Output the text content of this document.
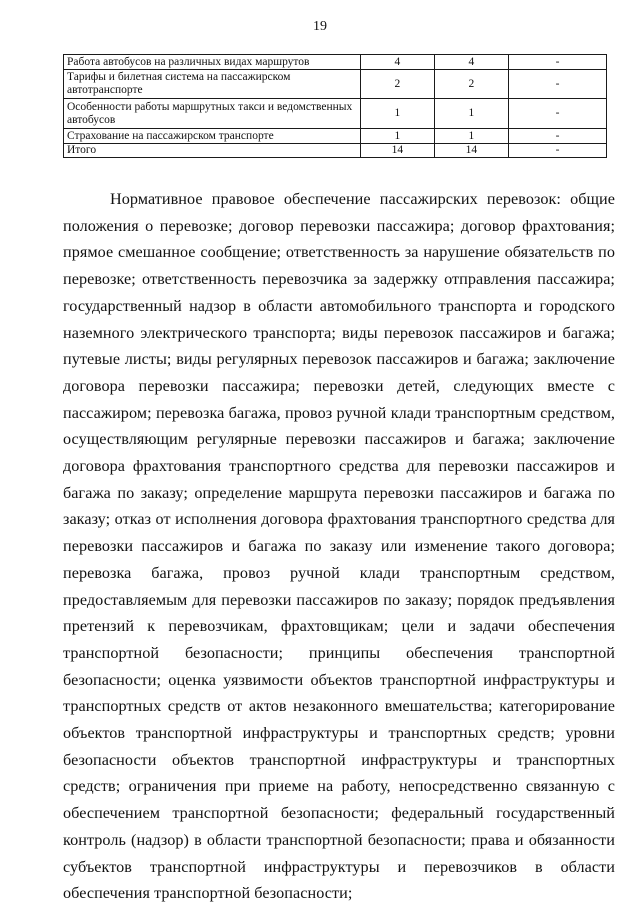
19
Работа автобусов на различных видах маршрутов	4	4	-
Тарифы и билетная система на пассажирском автотранспорте	2	2	-
Особенности работы маршрутных такси и ведомственных автобусов	1	1	-
Страхование на пассажирском транспорте	1	1	-
Итого	14	14	-

Нормативное правовое обеспечение пассажирских перевозок: общие положения о перевозке; договор перевозки пассажира; договор фрахтования; прямое смешанное сообщение; ответственность за нарушение обязательств по перевозке; ответственность перевозчика за задержку отправления пассажира; государственный надзор в области автомобильного транспорта и городского наземного электрического транспорта; виды перевозок пассажиров и багажа; путевые листы; виды регулярных перевозок пассажиров и багажа; заключение договора перевозки пассажира; перевозки детей, следующих вместе с пассажиром; перевозка багажа, провоз ручной клади транспортным средством, осуществляющим регулярные перевозки пассажиров и багажа; заключение договора фрахтования транспортного средства для перевозки пассажиров и багажа по заказу; определение маршрута перевозки пассажиров и багажа по заказу; отказ от исполнения договора фрахтования транспортного средства для перевозки пассажиров и багажа по заказу или изменение такого договора; перевозка багажа, провоз ручной клади транспортным средством, предоставляемым для перевозки пассажиров по заказу; порядок предъявления претензий к перевозчикам, фрахтовщикам; цели и задачи обеспечения транспортной безопасности; принципы обеспечения транспортной безопасности; оценка уязвимости объектов транспортной инфраструктуры и транспортных средств от актов незаконного вмешательства; категорирование объектов транспортной инфраструктуры и транспортных средств; уровни безопасности объектов транспортной инфраструктуры и транспортных средств; ограничения при приеме на работу, непосредственно связанную с обеспечением транспортной безопасности; федеральный государственный контроль (надзор) в области транспортной безопасности; права и обязанности субъектов транспортной инфраструктуры и перевозчиков в области обеспечения транспортной безопасности;
